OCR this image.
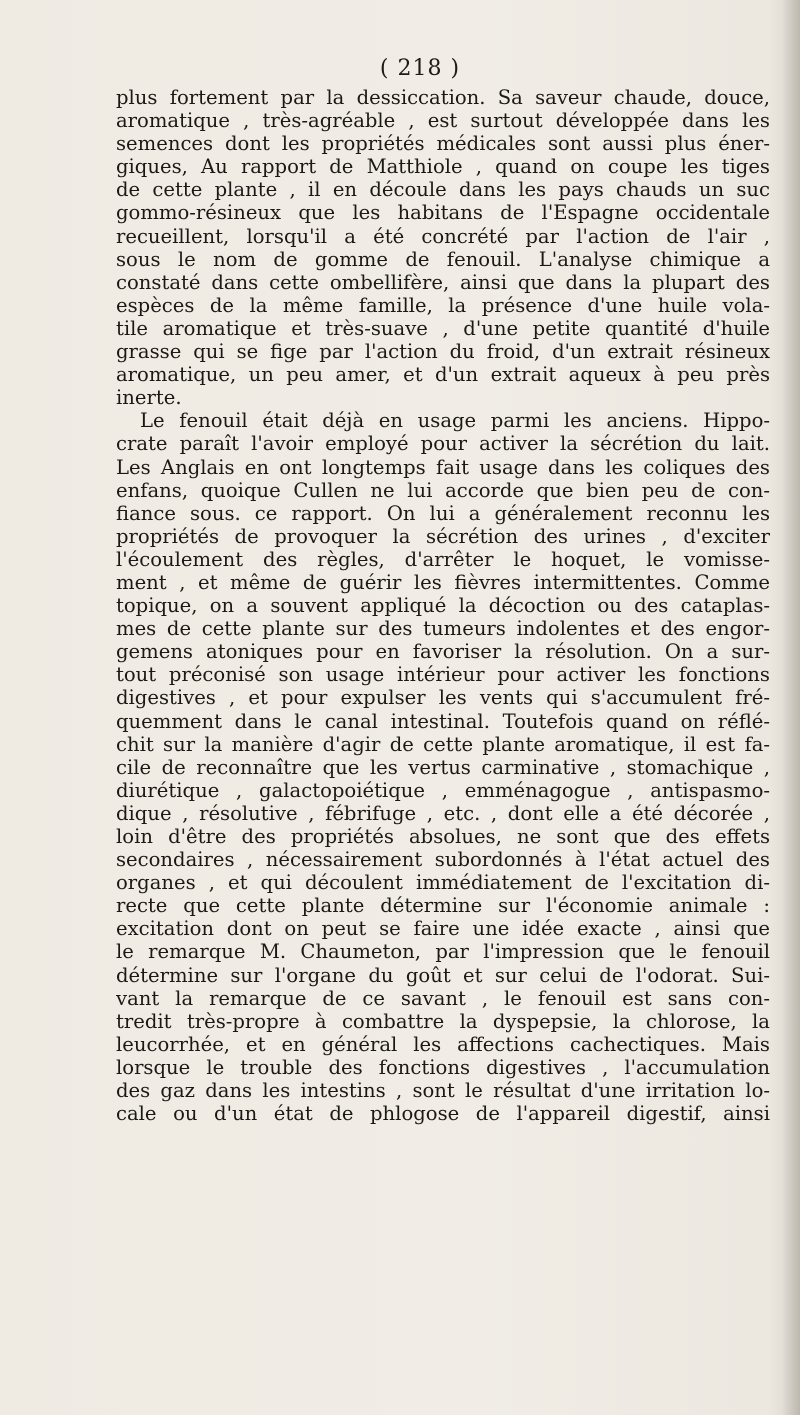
( 218 )
plus fortement par la dessiccation. Sa saveur chaude, douce,
aromatique , très-agréable , est surtout développée dans les
semences dont les propriétés médicales sont aussi plus éner-
giques, Au rapport de Matthiole , quand on coupe les tiges
de cette plante , il en découle dans les pays chauds un suc
gommo-résineux que les habitans de l'Espagne occidentale
recueillent, lorsqu'il a été concrété par l'action de l'air ,
sous le nom de gomme de fenouil. L'analyse chimique a
constaté dans cette ombellifère, ainsi que dans la plupart des
espèces de la même famille, la présence d'une huile vola-
tile aromatique et très-suave , d'une petite quantité d'huile
grasse qui se fige par l'action du froid, d'un extrait résineux
aromatique, un peu amer, et d'un extrait aqueux à peu près
inerte.
Le fenouil était déjà en usage parmi les anciens. Hippo-
crate paraît l'avoir employé pour activer la sécrétion du lait.
Les Anglais en ont longtemps fait usage dans les coliques des
enfans, quoique Cullen ne lui accorde que bien peu de con-
fiance sous. ce rapport. On lui a généralement reconnu les
propriétés de provoquer la sécrétion des urines , d'exciter
l'écoulement des règles, d'arrêter le hoquet, le vomisse-
ment , et même de guérir les fièvres intermittentes. Comme
topique, on a souvent appliqué la décoction ou des cataplas-
mes de cette plante sur des tumeurs indolentes et des engor-
gemens atoniques pour en favoriser la résolution. On a sur-
tout préconisé son usage intérieur pour activer les fonctions
digestives , et pour expulser les vents qui s'accumulent fré-
quemment dans le canal intestinal. Toutefois quand on réflé-
chit sur la manière d'agir de cette plante aromatique, il est fa-
cile de reconnaître que les vertus carminative , stomachique ,
diurétique , galactopoiétique , emménagogue , antispasmo-
dique , résolutive , fébrifuge , etc. , dont elle a été décorée ,
loin d'être des propriétés absolues, ne sont que des effets
secondaires , nécessairement subordonnés à l'état actuel des
organes , et qui découlent immédiatement de l'excitation di-
recte que cette plante détermine sur l'économie animale :
excitation dont on peut se faire une idée exacte , ainsi que
le remarque M. Chaumeton, par l'impression que le fenouil
détermine sur l'organe du goût et sur celui de l'odorat. Sui-
vant la remarque de ce savant , le fenouil est sans con-
tredit très-propre à combattre la dyspepsie, la chlorose, la
leucorrhée, et en général les affections cachectiques. Mais
lorsque le trouble des fonctions digestives , l'accumulation
des gaz dans les intestins , sont le résultat d'une irritation lo-
cale ou d'un état de phlogose de l'appareil digestif, ainsi
